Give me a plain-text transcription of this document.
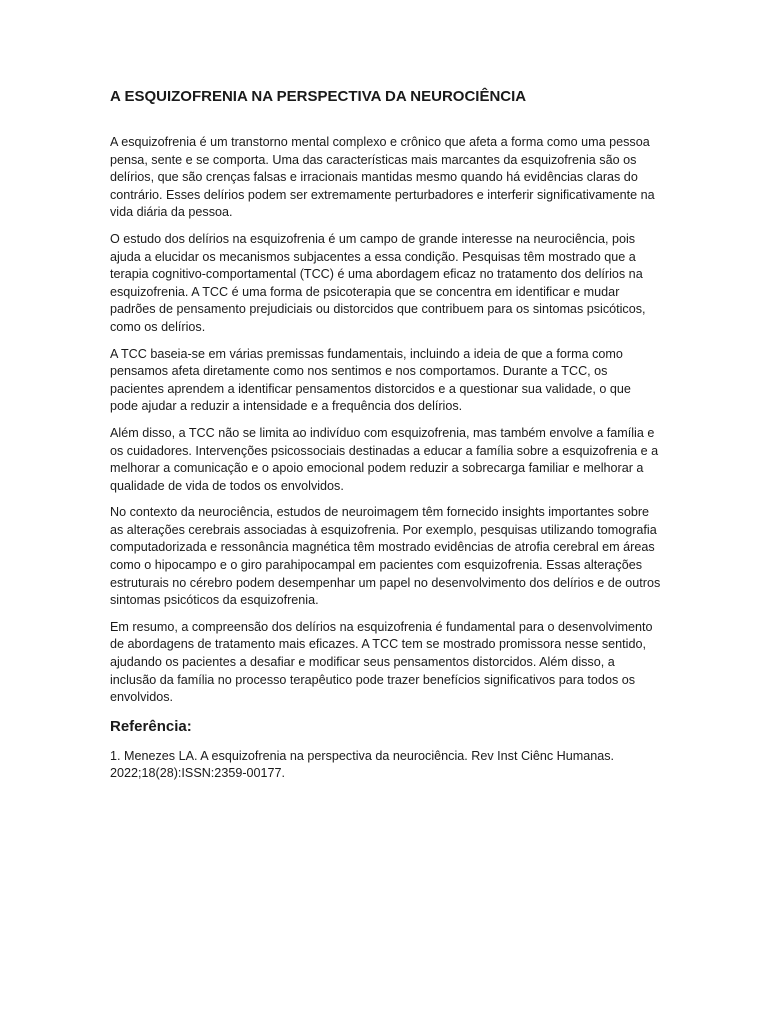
A ESQUIZOFRENIA NA PERSPECTIVA DA NEUROCIÊNCIA

A esquizofrenia é um transtorno mental complexo e crônico que afeta a forma como uma pessoa pensa, sente e se comporta. Uma das características mais marcantes da esquizofrenia são os delírios, que são crenças falsas e irracionais mantidas mesmo quando há evidências claras do contrário. Esses delírios podem ser extremamente perturbadores e interferir significativamente na vida diária da pessoa.

O estudo dos delírios na esquizofrenia é um campo de grande interesse na neurociência, pois ajuda a elucidar os mecanismos subjacentes a essa condição. Pesquisas têm mostrado que a terapia cognitivo-comportamental (TCC) é uma abordagem eficaz no tratamento dos delírios na esquizofrenia. A TCC é uma forma de psicoterapia que se concentra em identificar e mudar padrões de pensamento prejudiciais ou distorcidos que contribuem para os sintomas psicóticos, como os delírios.

A TCC baseia-se em várias premissas fundamentais, incluindo a ideia de que a forma como pensamos afeta diretamente como nos sentimos e nos comportamos. Durante a TCC, os pacientes aprendem a identificar pensamentos distorcidos e a questionar sua validade, o que pode ajudar a reduzir a intensidade e a frequência dos delírios.

Além disso, a TCC não se limita ao indivíduo com esquizofrenia, mas também envolve a família e os cuidadores. Intervenções psicossociais destinadas a educar a família sobre a esquizofrenia e a melhorar a comunicação e o apoio emocional podem reduzir a sobrecarga familiar e melhorar a qualidade de vida de todos os envolvidos.

No contexto da neurociência, estudos de neuroimagem têm fornecido insights importantes sobre as alterações cerebrais associadas à esquizofrenia. Por exemplo, pesquisas utilizando tomografia computadorizada e ressonância magnética têm mostrado evidências de atrofia cerebral em áreas como o hipocampo e o giro parahipocampal em pacientes com esquizofrenia. Essas alterações estruturais no cérebro podem desempenhar um papel no desenvolvimento dos delírios e de outros sintomas psicóticos da esquizofrenia.

Em resumo, a compreensão dos delírios na esquizofrenia é fundamental para o desenvolvimento de abordagens de tratamento mais eficazes. A TCC tem se mostrado promissora nesse sentido, ajudando os pacientes a desafiar e modificar seus pensamentos distorcidos. Além disso, a inclusão da família no processo terapêutico pode trazer benefícios significativos para todos os envolvidos.

Referência:

1. Menezes LA. A esquizofrenia na perspectiva da neurociência. Rev Inst Ciênc Humanas. 2022;18(28):ISSN:2359-00177.
